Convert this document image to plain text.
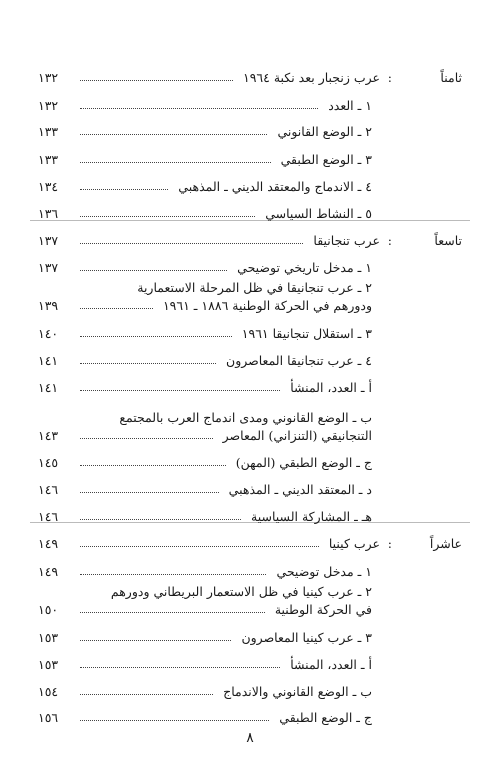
ثامناً
:
عرب زنجبار بعد نكبة ١٩٦٤
١٣٢
١ ـ العدد
١٣٢
٢ ـ الوضع القانوني
١٣٣
٣ ـ الوضع الطبقي
١٣٣
٤ ـ الاندماج والمعتقد الديني ـ المذهبي
١٣٤
٥ ـ النشاط السياسي
١٣٦
تاسعاً
:
عرب تنجانيقا
١٣٧
١ ـ مدخل تاريخي توضيحي
١٣٧
٢ ـ عرب تنجانيقا في ظل المرحلة الاستعمارية
ودورهم في الحركة الوطنية ١٨٨٦ ـ ١٩٦١
١٣٩
٣ ـ استقلال تنجانيقا ١٩٦١
١٤٠
٤ ـ عرب تنجانيقا المعاصرون
١٤١
أ ـ العدد، المنشأ
١٤١
ب ـ الوضع القانوني ومدى اندماج العرب بالمجتمع
التنجانيقي (التنزاني) المعاصر
١٤٣
ج ـ الوضع الطبقي (المهن)
١٤٥
د ـ المعتقد الديني ـ المذهبي
١٤٦
هـ ـ المشاركة السياسية
١٤٦
عاشراً
:
عرب كينيا
١٤٩
١ ـ مدخل توضيحي
١٤٩
٢ ـ عرب كينيا في ظل الاستعمار البريطاني ودورهم
في الحركة الوطنية
١٥٠
٣ ـ عرب كينيا المعاصرون
١٥٣
أ ـ العدد، المنشأ
١٥٣
ب ـ الوضع القانوني والاندماج
١٥٤
ج ـ الوضع الطبقي
١٥٦
٨
